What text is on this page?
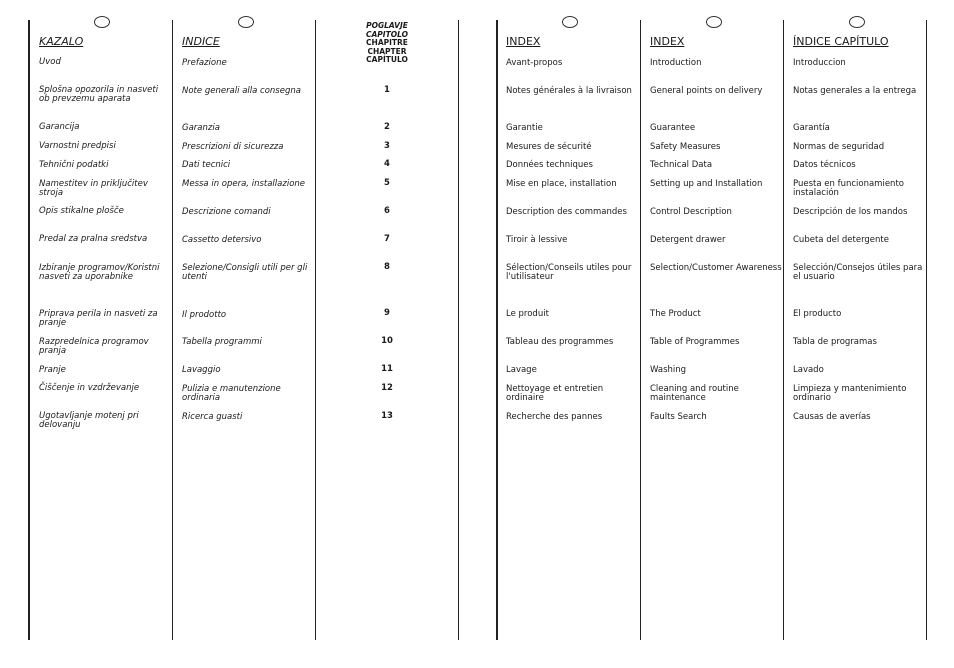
KAZALO
Uvod
Splošna opozorila in nasveti ob prevzemu aparata
Garancija
Varnostni predpisi
Tehnični podatki
Namestitev in priključitev stroja
Opis stikalne plošče
Predal za pralna sredstva
Izbiranje programov/Koristni nasveti za uporabnike
Priprava perila in nasveti za pranje
Razpredelnica programov pranja
Pranje
Čiščenje in vzdrževanje
Ugotavljanje motenj pri delovanju
INDICE
Prefazione
Note generali alla consegna
Garanzia
Prescrizioni di sicurezza
Dati tecnici
Messa in opera, installazione
Descrizione comandi
Cassetto detersivo
Selezione/Consigli utili per gli utenti
Il prodotto
Tabella programmi
Lavaggio
Pulizia e manutenzione ordinaria
Ricerca guasti
POGLAVJE
CAPITOLO
CHAPITRE
CHAPTER
CAPÍTULO
1
2
3
4
5
6
7
8
9
10
11
12
13
INDEX
Avant-propos
Notes générales à la livraison
Garantie
Mesures de sécurité
Données techniques
Mise en place, installation
Description des commandes
Tiroir à lessive
Sélection/Conseils utiles pour l'utilisateur
Le produit
Tableau des programmes
Lavage
Nettoyage et entretien ordinaire
Recherche des pannes
INDEX
Introduction
General points on delivery
Guarantee
Safety Measures
Technical Data
Setting up and Installation
Control Description
Detergent drawer
Selection/Customer Awareness
The Product
Table of Programmes
Washing
Cleaning and routine maintenance
Faults Search
ÍNDICE CAPÍTULO
Introduccion
Notas generales a la entrega
Garantía
Normas de seguridad
Datos técnicos
Puesta en funcionamiento instalación
Descripción de los mandos
Cubeta del detergente
Selección/Consejos útiles para el usuario
El producto
Tabla de programas
Lavado
Limpieza y mantenimiento ordinario
Causas de averías
